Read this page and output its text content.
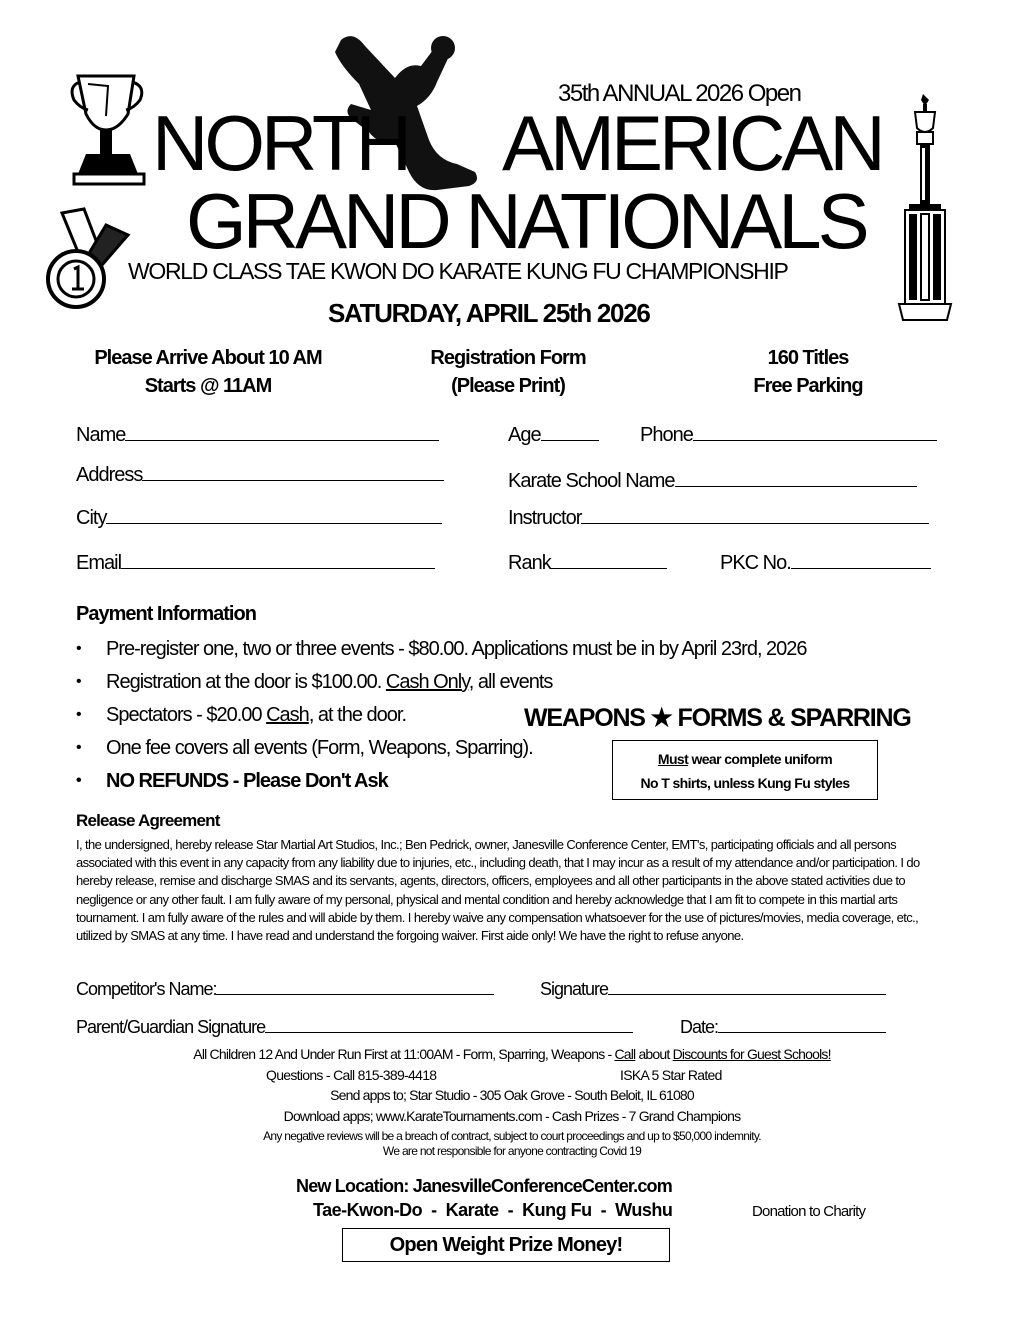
35th ANNUAL 2026 Open
NORTH AMERICAN
GRAND NATIONALS
WORLD CLASS TAE KWON DO KARATE KUNG FU CHAMPIONSHIP
SATURDAY, APRIL 25th 2026
Please Arrive About 10 AM
Starts @ 11AM
Registration Form
(Please Print)
160 Titles
Free Parking
Name	Age	Phone
Address	Karate School Name
City	Instructor
Email	Rank	PKC No.
Payment Information
• Pre-register one, two or three events - $80.00. Applications must be in by April 23rd, 2026
• Registration at the door is $100.00. Cash Only, all events
• Spectators - $20.00 Cash, at the door.
• One fee covers all events (Form, Weapons, Sparring).
• NO REFUNDS - Please Don't Ask
WEAPONS ★ FORMS & SPARRING
Must wear complete uniform
No T shirts, unless Kung Fu styles
Release Agreement
I, the undersigned, hereby release Star Martial Art Studios, Inc.; Ben Pedrick, owner, Janesville Conference Center, EMT's, participating officials and all persons associated with this event in any capacity from any liability due to injuries, etc., including death, that I may incur as a result of my attendance and/or participation. I do hereby release, remise and discharge SMAS and its servants, agents, directors, officers, employees and all other participants in the above stated activities due to negligence or any other fault. I am fully aware of my personal, physical and mental condition and hereby acknowledge that I am fit to compete in this martial arts tournament. I am fully aware of the rules and will abide by them. I hereby waive any compensation whatsoever for the use of pictures/movies, media coverage, etc., utilized by SMAS at any time. I have read and understand the forgoing waiver. First aide only! We have the right to refuse anyone.
Competitor's Name:	Signature
Parent/Guardian Signature	Date:
All Children 12 And Under Run First at 11:00AM - Form, Sparring, Weapons - Call about Discounts for Guest Schools!
Questions - Call 815-389-4418	ISKA 5 Star Rated
Send apps to; Star Studio - 305 Oak Grove - South Beloit, IL 61080
Download apps; www.KarateTournaments.com - Cash Prizes - 7 Grand Champions
Any negative reviews will be a breach of contract, subject to court proceedings and up to $50,000 indemnity.
We are not responsible for anyone contracting Covid 19
New Location: JanesvilleConferenceCenter.com
Tae-Kwon-Do  -  Karate  -  Kung Fu  -  Wushu	Donation to Charity
Open Weight Prize Money!
